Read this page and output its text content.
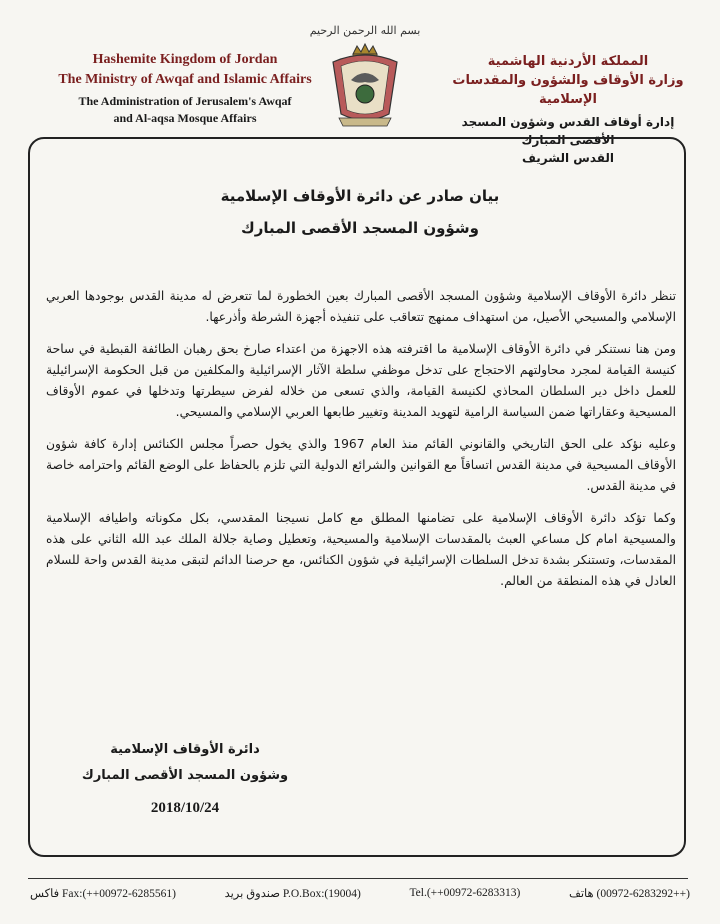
بسم الله الرحمن الرحيم
Hashemite Kingdom of Jordan
The Ministry of Awqaf and Islamic Affairs
The Administration of Jerusalem's Awqaf
and Al-aqsa Mosque Affairs
المملكة الأردنية الهاشمية
وزارة الأوقاف والشؤون والمقدسات الإسلامية
إدارة أوقاف القدس وشؤون المسجد الأقصى المبارك
القدس الشريف
بيان صادر عن دائرة الأوقاف الإسلامية
وشؤون المسجد الأقصى المبارك

تنظر دائرة الأوقاف الإسلامية وشؤون المسجد الأقصى المبارك بعين الخطورة لما تتعرض له مدينة القدس بوجودها العربي الإسلامي والمسيحي الأصيل، من استهداف ممنهج تتعاقب على تنفيذه أجهزة الشرطة وأذرعها.

ومن هنا نستنكر في دائرة الأوقاف الإسلامية ما اقترفته هذه الاجهزة من اعتداء صارخ بحق رهبان الطائفة القبطية في ساحة كنيسة القيامة لمجرد محاولتهم الاحتجاج على تدخل موظفي سلطة الآثار الإسرائيلية والمكلفين من قبل الحكومة الإسرائيلية للعمل داخل دير السلطان المحاذي لكنيسة القيامة، والذي تسعى من خلاله لفرض سيطرتها وتدخلها في عموم الأوقاف المسيحية وعقاراتها ضمن السياسة الرامية لتهويد المدينة وتغيير طابعها العربي الإسلامي والمسيحي.

وعليه نؤكد على الحق التاريخي والقانوني القائم منذ العام 1967 والذي يخول حصراً مجلس الكنائس إدارة كافة شؤون الأوقاف المسيحية في مدينة القدس اتساقاً مع القوانين والشرائع الدولية التي تلزم بالحفاظ على الوضع القائم واحترامه خاصة في مدينة القدس.

وكما تؤكد دائرة الأوقاف الإسلامية على تضامنها المطلق مع كامل نسيجنا المقدسي، بكل مكوناته واطيافه الإسلامية والمسيحية امام كل مساعي العبث بالمقدسات الإسلامية والمسيحية، وتعطيل وصاية جلالة الملك عبد الله الثاني على هذه المقدسات، وتستنكر بشدة تدخل السلطات الإسرائيلية في شؤون الكنائس، مع حرصنا الدائم لتبقى مدينة القدس واحة للسلام العادل في هذه المنطقة من العالم.

دائرة الأوقاف الإسلامية
وشؤون المسجد الأقصى المبارك
2018/10/24
Fax:(++00972-6285561) فاكس	P.O.Box:(19004) صندوق بريد	Tel.(++00972-6283313)	(++00972-6283292) هاتف
